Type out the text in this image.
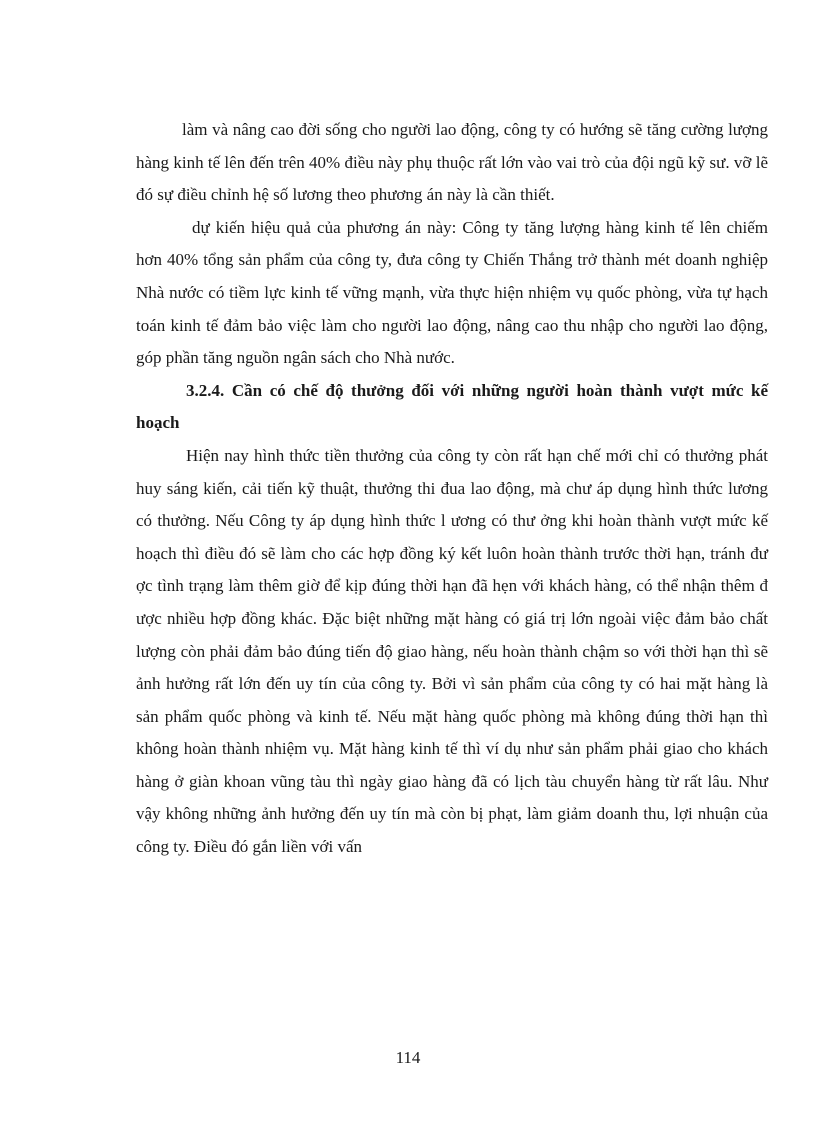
làm và nâng cao đời sống cho người lao động, công ty có hướng sẽ tăng cường lượng hàng kinh tế lên đến trên 40% điều này phụ thuộc rất lớn vào vai trò của đội ngũ kỹ sư. vỡ lẽ đó sự điều chỉnh hệ số lương theo phương án này là cần thiết.

dự kiến hiệu quả của phương án này: Công ty tăng lượng hàng kinh tế lên chiếm hơn 40% tổng sản phẩm của công ty, đưa công ty Chiến Thắng trở thành mét doanh nghiệp Nhà nước có tiềm lực kinh tế vững mạnh, vừa thực hiện nhiệm vụ quốc phòng, vừa tự hạch toán kinh tế đảm bảo việc làm cho người lao động, nâng cao thu nhập cho người lao động, góp phần tăng nguồn ngân sách cho Nhà nước.

3.2.4. Cần có chế độ thưởng đối với những người hoàn thành vượt mức kế hoạch

Hiện nay hình thức tiền thưởng của công ty còn rất hạn chế mới chỉ có thưởng phát huy sáng kiến, cải tiến kỹ thuật, thưởng thi đua lao động, mà chư áp dụng hình thức lương có thưởng. Nếu Công ty áp dụng hình thức l ương có thư ởng khi hoàn thành vượt mức kế hoạch thì điều đó sẽ làm cho các hợp đồng ký kết luôn hoàn thành trước thời hạn, tránh đư ợc tình trạng làm thêm giờ để kịp đúng thời hạn đã hẹn với khách hàng, có thể nhận thêm đ ược nhiều hợp đồng khác. Đặc biệt những mặt hàng có giá trị lớn ngoài việc đảm bảo chất lượng còn phải đảm bảo đúng tiến độ giao hàng, nếu hoàn thành chậm so với thời hạn thì sẽ ảnh hưởng rất lớn đến uy tín của công ty. Bởi vì sản phẩm của công ty có hai mặt hàng là sản phẩm quốc phòng và kinh tế. Nếu mặt hàng quốc phòng mà không đúng thời hạn thì không hoàn thành nhiệm vụ. Mặt hàng kinh tế thì ví dụ như sản phẩm phải giao cho khách hàng ở giàn khoan vũng tàu thì ngày giao hàng đã có lịch tàu chuyển hàng từ rất lâu. Như vậy không những ảnh hưởng đến uy tín mà còn bị phạt, làm giảm doanh thu, lợi nhuận của công ty. Điều đó gắn liền với vấn

114
